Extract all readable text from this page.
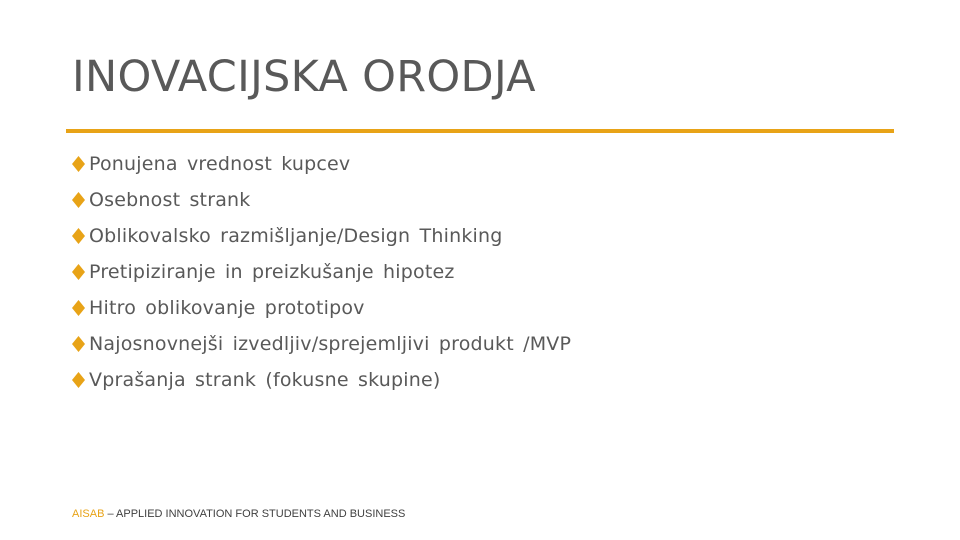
INOVACIJSKA ORODJA
Ponujena vrednost kupcev
Osebnost strank
Oblikovalsko razmišljanje/Design Thinking
Pretipiziranje in preizkušanje hipotez
Hitro oblikovanje prototipov
Najosnovnejši izvedljiv/sprejemljivi produkt /MVP
Vprašanja strank (fokusne skupine)
AISAB – APPLIED INNOVATION FOR STUDENTS AND BUSINESS
